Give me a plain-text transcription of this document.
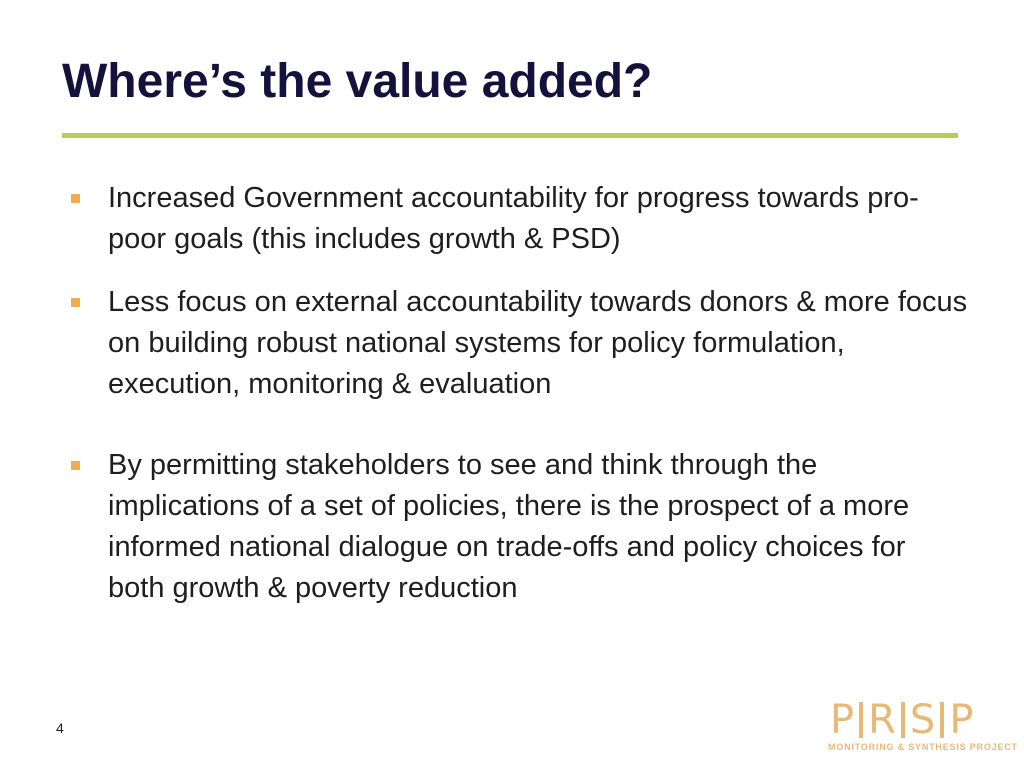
Where’s the value added?
Increased Government accountability for progress towards pro-poor goals (this includes growth & PSD)
Less focus on external accountability towards donors & more focus on building robust national systems for policy formulation, execution, monitoring & evaluation
By permitting stakeholders to see and think through the implications of a set of policies, there is the prospect of a more informed national dialogue on trade-offs and policy choices for both growth & poverty reduction
4	P R S P
MONITORING & SYNTHESIS PROJECT
